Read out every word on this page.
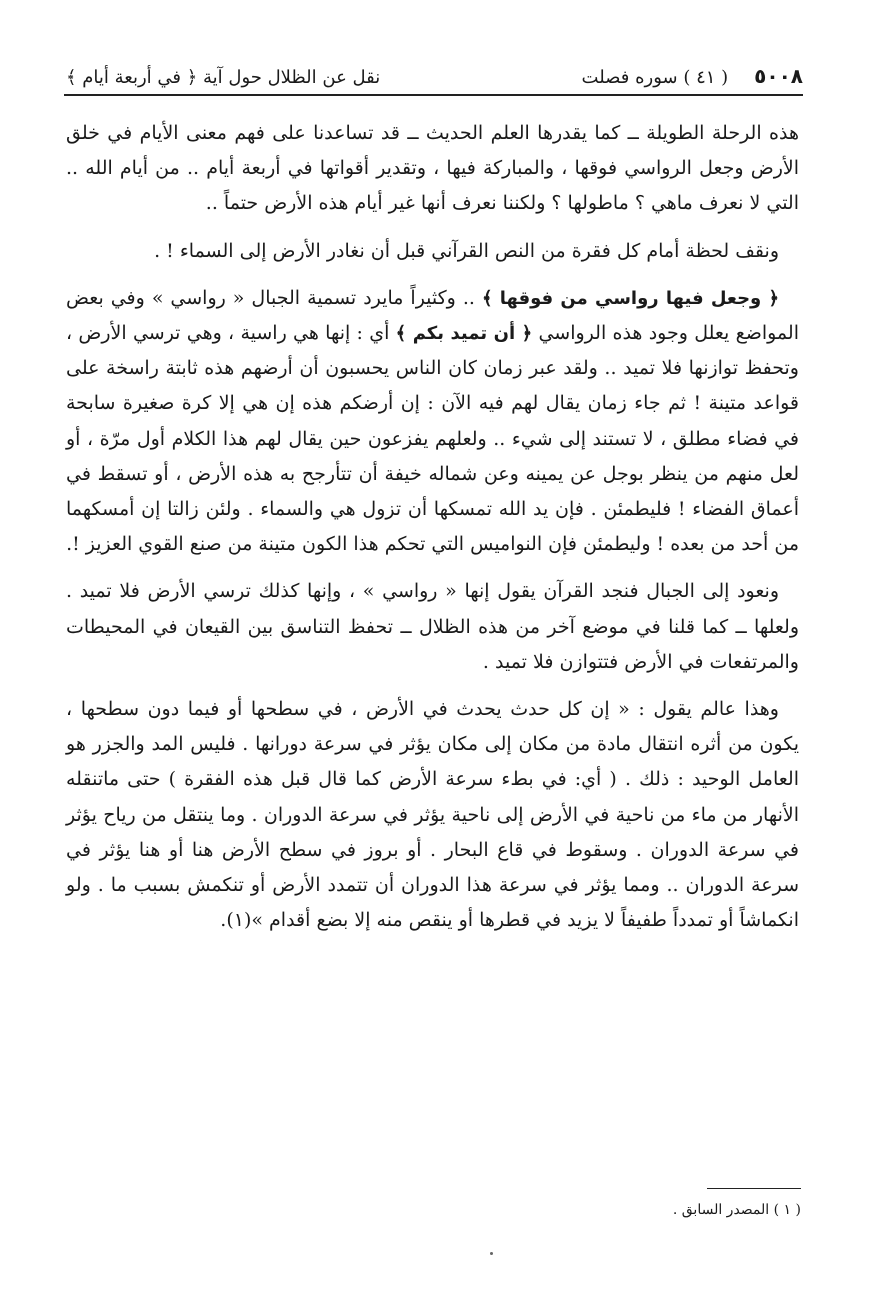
٥٠٠٨
( ٤١ ) سوره فصلت
نقل عن الظلال حول آية ﴿ في أربعة أيام ﴾

هذه الرحلة الطويلة ــ كما يقدرها العلم الحديث ــ قد تساعدنا على فهم معنى الأيام في خلق الأرض وجعل الرواسي فوقها ، والمباركة فيها ، وتقدير أقواتها في أربعة أيام .. من أيام الله .. التي لا نعرف ماهي ؟ ماطولها ؟ ولكننا نعرف أنها غير أيام هذه الأرض حتماً ..

ونقف لحظة أمام كل فقرة من النص القرآني قبل أن نغادر الأرض إلى السماء ! .

﴿ وجعل فيها رواسي من فوقها ﴾ .. وكثيراً مايرد تسمية الجبال « رواسي » وفي بعض المواضع يعلل وجود هذه الرواسي ﴿ أن تميد بكم ﴾ أي : إنها هي راسية ، وهي ترسي الأرض ، وتحفظ توازنها فلا تميد .. ولقد عبر زمان كان الناس يحسبون أن أرضهم هذه ثابتة راسخة على قواعد متينة ! ثم جاء زمان يقال لهم فيه الآن : إن أرضكم هذه إن هي إلا كرة صغيرة سابحة في فضاء مطلق ، لا تستند إلى شيء .. ولعلهم يفزعون حين يقال لهم هذا الكلام أول مرّة ، أو لعل منهم من ينظر بوجل عن يمينه وعن شماله خيفة أن تتأرجح به هذه الأرض ، أو تسقط في أعماق الفضاء ! فليطمئن . فإن يد الله تمسكها أن تزول هي والسماء . ولئن زالتا إن أمسكهما من أحد من بعده ! وليطمئن فإن النواميس التي تحكم هذا الكون متينة من صنع القوي العزيز !.

ونعود إلى الجبال فنجد القرآن يقول إنها « رواسي » ، وإنها كذلك ترسي الأرض فلا تميد . ولعلها ــ كما قلنا في موضع آخر من هذه الظلال ــ تحفظ التناسق بين القيعان في المحيطات والمرتفعات في الأرض فتتوازن فلا تميد .

وهذا عالم يقول : « إن كل حدث يحدث في الأرض ، في سطحها أو فيما دون سطحها ، يكون من أثره انتقال مادة من مكان إلى مكان يؤثر في سرعة دورانها . فليس المد والجزر هو العامل الوحيد : ذلك . ( أي: في بطء سرعة الأرض كما قال قبل هذه الفقرة ) حتى ماتنقله الأنهار من ماء من ناحية في الأرض إلى ناحية يؤثر في سرعة الدوران . وما ينتقل من رياح يؤثر في سرعة الدوران . وسقوط في قاع البحار . أو بروز في سطح الأرض هنا أو هنا يؤثر في سرعة الدوران .. ومما يؤثر في سرعة هذا الدوران أن تتمدد الأرض أو تنكمش بسبب ما . ولو انكماشاً أو تمدداً طفيفاً لا يزيد في قطرها أو ينقص منه إلا بضع أقدام »(١).

( ١ ) المصدر السابق .
